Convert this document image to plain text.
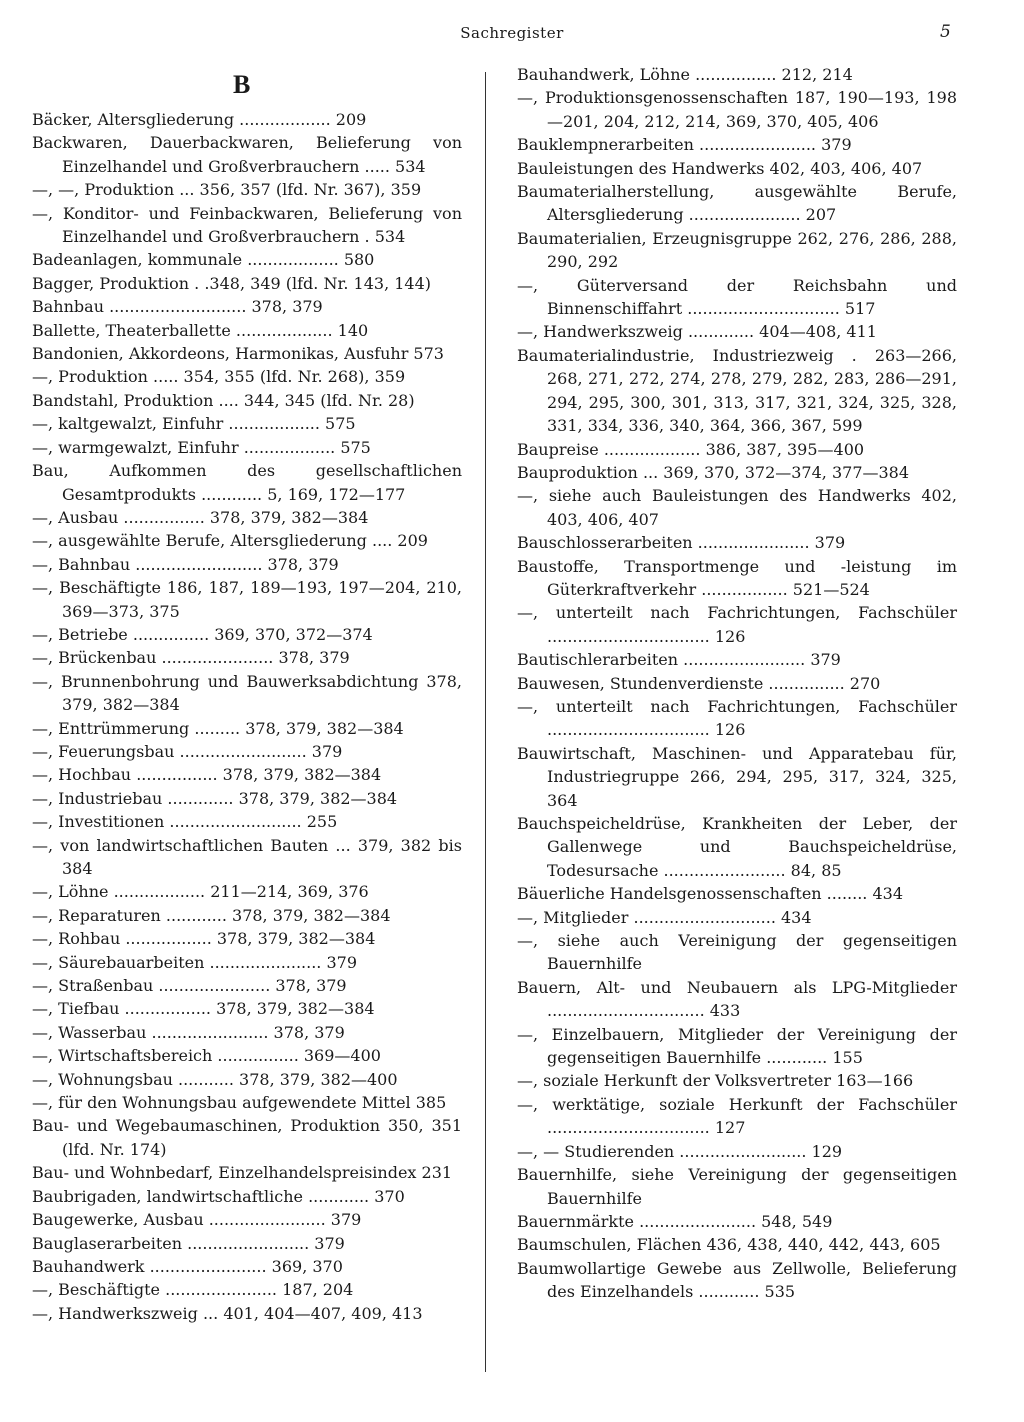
Sachregister	5
B
Bäcker, Altersgliederung .................. 209
Backwaren, Dauerbackwaren, Belieferung von Einzelhandel und Großverbrauchern ..... 534
—, —, Produktion ... 356, 357 (lfd. Nr. 367), 359
—, Konditor- und Feinbackwaren, Belieferung von Einzelhandel und Großverbrauchern . 534
Badeanlagen, kommunale .................. 580
Bagger, Produktion . .348, 349 (lfd. Nr. 143, 144)
Bahnbau ........................... 378, 379
Ballette, Theaterballette ................... 140
Bandonien, Akkordeons, Harmonikas, Ausfuhr 573
—, Produktion ..... 354, 355 (lfd. Nr. 268), 359
Bandstahl, Produktion .... 344, 345 (lfd. Nr. 28)
—, kaltgewalzt, Einfuhr .................. 575
—, warmgewalzt, Einfuhr .................. 575
Bau, Aufkommen des gesellschaftlichen Gesamtprodukts ............ 5, 169, 172—177
—, Ausbau ................ 378, 379, 382—384
—, ausgewählte Berufe, Altersgliederung .... 209
—, Bahnbau ......................... 378, 379
—, Beschäftigte 186, 187, 189—193, 197—204, 210, 369—373, 375
—, Betriebe ............... 369, 370, 372—374
—, Brückenbau ...................... 378, 379
—, Brunnenbohrung und Bauwerksabdichtung 378, 379, 382—384
—, Enttrümmerung ......... 378, 379, 382—384
—, Feuerungsbau ......................... 379
—, Hochbau ................ 378, 379, 382—384
—, Industriebau ............. 378, 379, 382—384
—, Investitionen .......................... 255
—, von landwirtschaftlichen Bauten ... 379, 382 bis 384
—, Löhne .................. 211—214, 369, 376
—, Reparaturen ............ 378, 379, 382—384
—, Rohbau ................. 378, 379, 382—384
—, Säurebauarbeiten ...................... 379
—, Straßenbau ...................... 378, 379
—, Tiefbau ................. 378, 379, 382—384
—, Wasserbau ....................... 378, 379
—, Wirtschaftsbereich ................ 369—400
—, Wohnungsbau ........... 378, 379, 382—400
—, für den Wohnungsbau aufgewendete Mittel 385
Bau- und Wegebaumaschinen, Produktion 350, 351 (lfd. Nr. 174)
Bau- und Wohnbedarf, Einzelhandelspreisindex 231
Baubrigaden, landwirtschaftliche ............ 370
Baugewerke, Ausbau ....................... 379
Bauglaserarbeiten ........................ 379
Bauhandwerk ....................... 369, 370
—, Beschäftigte ...................... 187, 204
—, Handwerkszweig ... 401, 404—407, 409, 413
Bauhandwerk, Löhne ................ 212, 214
—, Produktionsgenossenschaften 187, 190—193, 198—201, 204, 212, 214, 369, 370, 405, 406
Bauklempnerarbeiten ....................... 379
Bauleistungen des Handwerks 402, 403, 406, 407
Baumaterialherstellung, ausgewählte Berufe, Altersgliederung ...................... 207
Baumaterialien, Erzeugnisgruppe 262, 276, 286, 288, 290, 292
—, Güterversand der Reichsbahn und Binnenschiffahrt .............................. 517
—, Handwerkszweig ............. 404—408, 411
Baumaterialindustrie, Industriezweig . 263—266, 268, 271, 272, 274, 278, 279, 282, 283, 286—291, 294, 295, 300, 301, 313, 317, 321, 324, 325, 328, 331, 334, 336, 340, 364, 366, 367, 599
Baupreise ................... 386, 387, 395—400
Bauproduktion ... 369, 370, 372—374, 377—384
—, siehe auch Bauleistungen des Handwerks 402, 403, 406, 407
Bauschlosserarbeiten ...................... 379
Baustoffe, Transportmenge und -leistung im Güterkraftverkehr ................. 521—524
—, unterteilt nach Fachrichtungen, Fachschüler ................................ 126
Bautischlerarbeiten ........................ 379
Bauwesen, Stundenverdienste ............... 270
—, unterteilt nach Fachrichtungen, Fachschüler ................................ 126
Bauwirtschaft, Maschinen- und Apparatebau für, Industriegruppe 266, 294, 295, 317, 324, 325, 364
Bauchspeicheldrüse, Krankheiten der Leber, der Gallenwege und Bauchspeicheldrüse, Todesursache ........................ 84, 85
Bäuerliche Handelsgenossenschaften ........ 434
—, Mitglieder ............................ 434
—, siehe auch Vereinigung der gegenseitigen Bauernhilfe
Bauern, Alt- und Neubauern als LPG-Mitglieder ............................... 433
—, Einzelbauern, Mitglieder der Vereinigung der gegenseitigen Bauernhilfe ............ 155
—, soziale Herkunft der Volksvertreter 163—166
—, werktätige, soziale Herkunft der Fachschüler ................................ 127
—, — Studierenden ......................... 129
Bauernhilfe, siehe Vereinigung der gegenseitigen Bauernhilfe
Bauernmärkte ....................... 548, 549
Baumschulen, Flächen 436, 438, 440, 442, 443, 605
Baumwollartige Gewebe aus Zellwolle, Belieferung des Einzelhandels ............ 535
